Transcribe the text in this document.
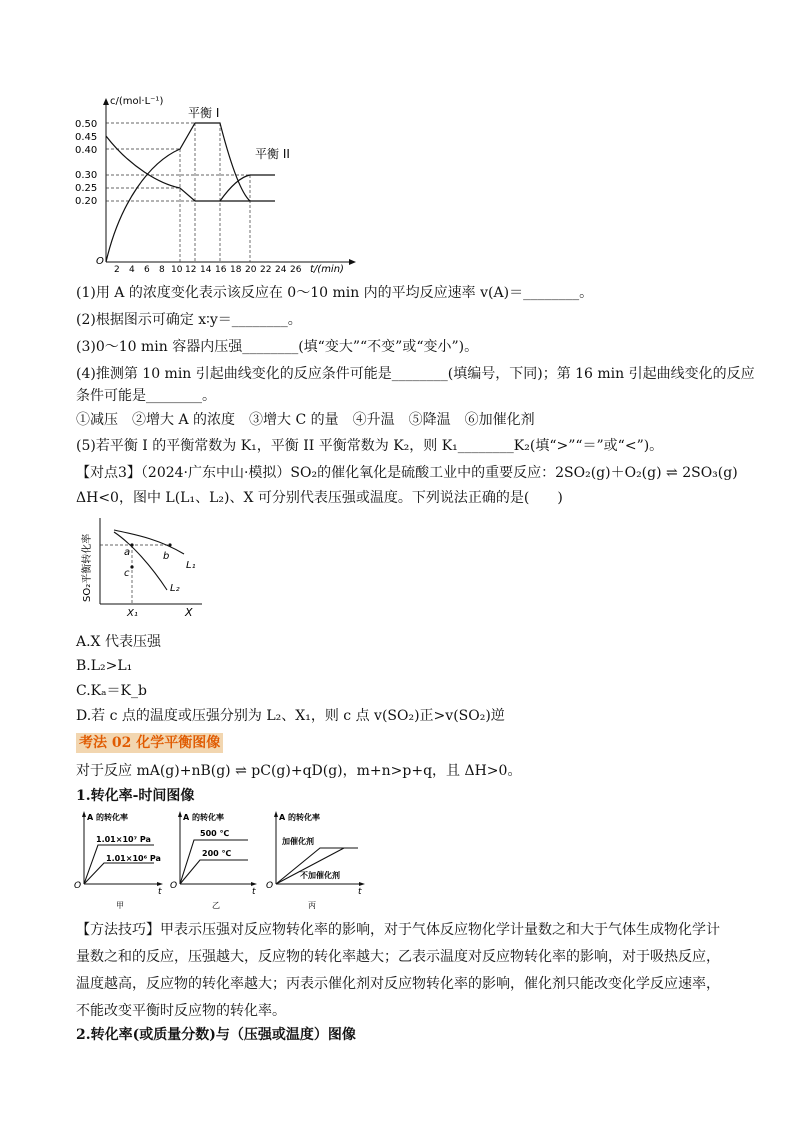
c/(mol·L⁻¹)
t/(min)
O
0.50
0.45
0.40
0.30
0.25
0.20
2 4 6 8 10 12 14 16 18 20 22 24 26
平衡 I
平衡 II
(1)用 A 的浓度变化表示该反应在 0～10 min 内的平均反应速率 v(A)＝________。
(2)根据图示可确定 x∶y＝________。
(3)0～10 min 容器内压强________(填“变大”“不变”或“变小”)。
(4)推测第 10 min 引起曲线变化的反应条件可能是________(填编号，下同)；第 16 min 引起曲线变化的反应
条件可能是________。
①减压　②增大 A 的浓度　③增大 C 的量　④升温　⑤降温　⑥加催化剂
(5)若平衡 I 的平衡常数为 K₁，平衡 II 平衡常数为 K₂，则 K₁________K₂(填“>”“＝”或“<”)。
【对点3】（2024·广东中山·模拟）SO₂的催化氧化是硫酸工业中的重要反应：2SO₂(g)＋O₂(g) ⇌ 2SO₃(g)
ΔH<0，图中 L(L₁、L₂)、X 可分别代表压强或温度。下列说法正确的是(　　)
SO₂平衡转化率
X
X₁
a	b
c
L₁
L₂
A.X 代表压强
B.L₂>L₁
C.Kₐ＝K_b
D.若 c 点的温度或压强分别为 L₂、X₁，则 c 点 v(SO₂)正>v(SO₂)逆
考法 02 化学平衡图像
对于反应 mA(g)+nB(g) ⇌ pC(g)+qD(g)，m+n>p+q，且 ΔH>0。
1.转化率-时间图像
A 的转化率
O
t
1.01×10⁷ Pa
1.01×10⁶ Pa
甲
A 的转化率
O
t
500 ℃
200 ℃
乙
A 的转化率
O
t
加催化剂
不加催化剂
丙
【方法技巧】甲表示压强对反应物转化率的影响，对于气体反应物化学计量数之和大于气体生成物化学计量数之和的反应，压强越大，反应物的转化率越大；乙表示温度对反应物转化率的影响，对于吸热反应，温度越高，反应物的转化率越大；丙表示催化剂对反应物转化率的影响，催化剂只能改变化学反应速率，不能改变平衡时反应物的转化率。
2.转化率(或质量分数)与（压强或温度）图像
